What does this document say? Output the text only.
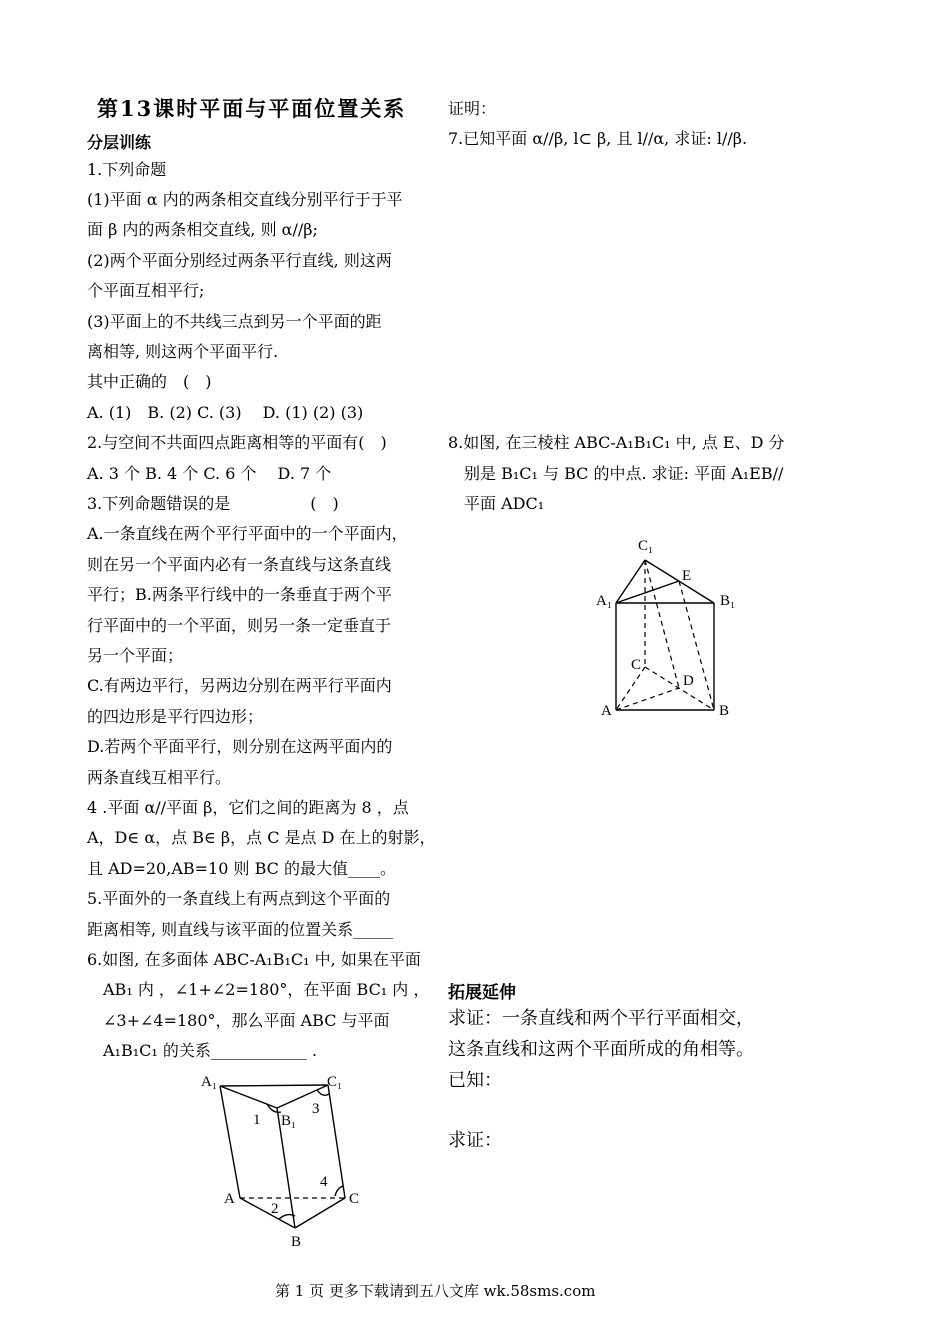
第13课时平面与平面位置关系
分层训练
1.下列命题
(1)平面 α 内的两条相交直线分别平行于于平
面 β 内的两条相交直线, 则 α//β;
(2)两个平面分别经过两条平行直线, 则这两
个平面互相平行;
(3)平面上的不共线三点到另一个平面的距
离相等, 则这两个平面平行.
其中正确的　(　)
A. (1)　B. (2) C. (3)　 D. (1) (2) (3)
2.与空间不共面四点距离相等的平面有(　)
A. 3 个 B. 4 个 C. 6 个　 D. 7 个
3.下列命题错误的是　　　　　(　)
A.一条直线在两个平行平面中的一个平面内，
则在另一个平面内必有一条直线与这条直线
平行；B.两条平行线中的一条垂直于两个平
行平面中的一个平面，则另一条一定垂直于
另一个平面；
C.有两边平行，另两边分别在两平行平面内
的四边形是平行四边形；
D.若两个平面平行，则分别在这两平面内的
两条直线互相平行。
4 .平面 α//平面 β，它们之间的距离为 8 ，点
A，D∈ α，点 B∈ β，点 C 是点 D 在上的射影，
且 AD=20,AB=10 则 BC 的最大值____。
5.平面外的一条直线上有两点到这个平面的
距离相等, 则直线与该平面的位置关系_____
6.如图, 在多面体 ABC-A₁B₁C₁ 中, 如果在平面
　AB₁ 内 ，∠1+∠2=180°，在平面 BC₁ 内 ，
　∠3+∠4=180°，那么平面 ABC 与平面
　A₁B₁C₁ 的关系____________ .
证明：
7.已知平面 α//β, l⊂ β, 且 l//α, 求证: l//β.
8.如图, 在三棱柱 ABC-A₁B₁C₁ 中, 点 E、D 分
　别是 B₁C₁ 与 BC 的中点. 求证: 平面 A₁EB//
　平面 ADC₁
C₁
E
A₁	B₁
C
D
A	B
拓展延伸
求证：一条直线和两个平行平面相交，
这条直线和这两个平面所成的角相等。
已知：
求证：
A₁	C₁
B₁
1
3
A	C
B
2
4
第 1 页 更多下载请到五八文库 wk.58sms.com
